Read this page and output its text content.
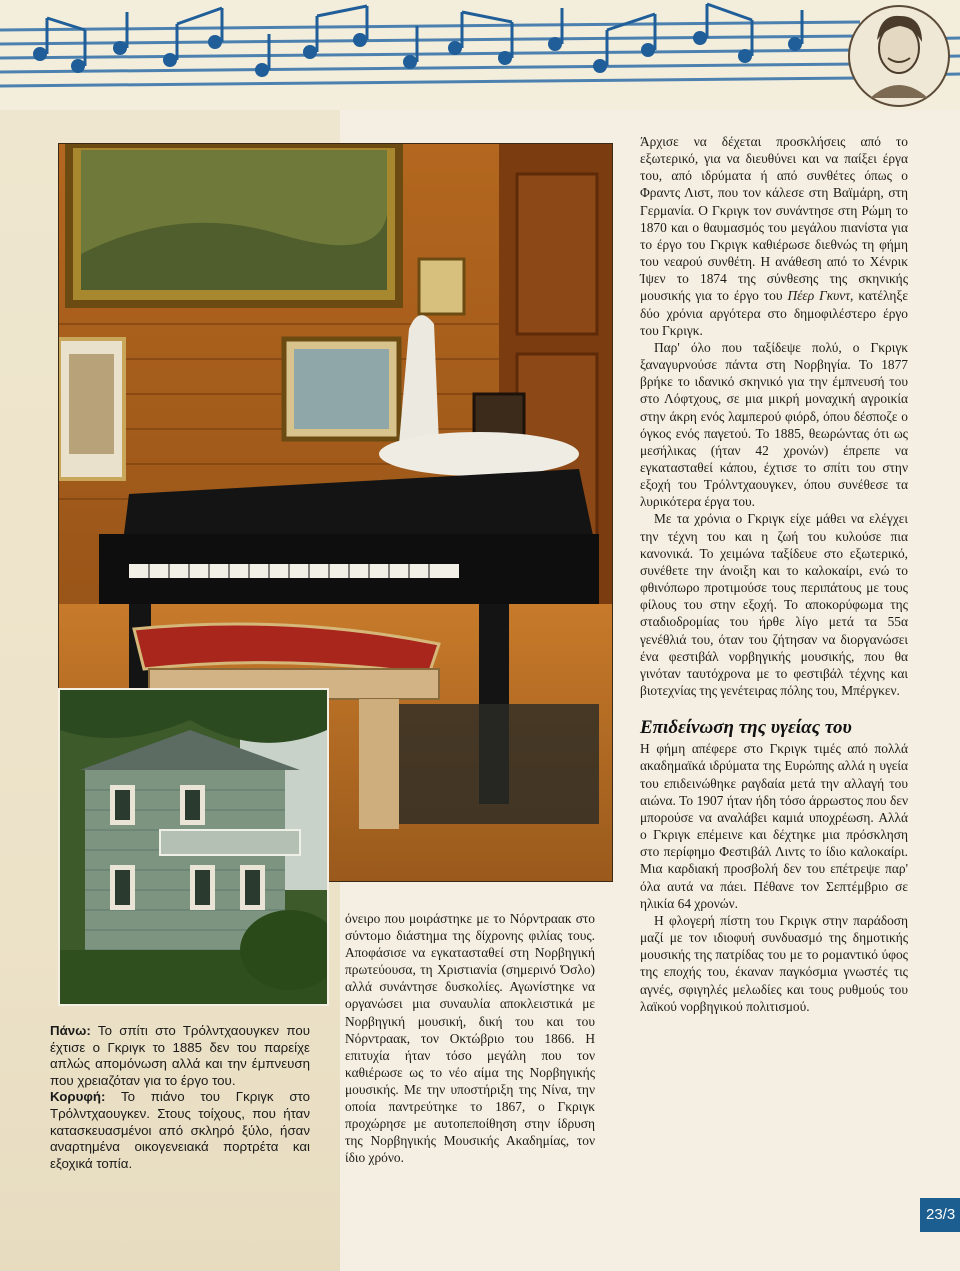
Πάνω: Το σπίτι στο Τρόλντχαουγκεν που έχτισε ο Γκριγκ το 1885 δεν του παρείχε απλώς απομόνωση αλλά και την έμπνευση που χρειαζόταν για το έργο του.
Κορυφή: Το πιάνο του Γκριγκ στο Τρόλντχαουγκεν. Στους τοίχους, που ήταν κατασκευασμένοι από σκληρό ξύλο, ήσαν αναρτημένα οικογενειακά πορτρέτα και εξοχικά τοπία.

όνειρο που μοιράστηκε με το Νόρντρααк στο σύντομο διάστημα της δίχρονης φιλίας τους. Αποφάσισε να εγκατασταθεί στη Νορβηγική πρωτεύουσα, τη Χριστιανία (σημερινό Όσλο) αλλά συνάντησε δυσκολίες. Αγωνίστηκε να οργανώσει μια συναυλία αποκλειστικά με Νορβηγική μουσική, δική του και του Νόρντρααк, τον Οκτώβριο του 1866. Η επιτυχία ήταν τόσο μεγάλη που τον καθιέρωσε ως το νέο αίμα της Νορβηγικής μουσικής. Με την υποστήριξη της Νίνα, την οποία παντρεύτηκε το 1867, ο Γκριγκ προχώρησε με αυτοπεποίθηση στην ίδρυση της Νορβηγικής Μουσικής Ακαδημίας, τον ίδιο χρόνο.

Άρχισε να δέχεται προσκλήσεις από το εξωτερικό, για να διευθύνει και να παίξει έργα του, από ιδρύματα ή από συνθέτες όπως ο Φραντς Λιστ, που τον κάλεσε στη Βαϊμάρη, στη Γερμανία. Ο Γκριγκ τον συνάντησε στη Ρώμη το 1870 και ο θαυμασμός του μεγάλου πιανίστα για το έργο του Γκριγκ καθιέρωσε διεθνώς τη φήμη του νεαρού συνθέτη. Η ανάθεση από το Χένρικ Ίψεν το 1874 της σύνθεσης της σκηνικής μουσικής για το έργο του Πέερ Γκυντ, κατέληξε δύο χρόνια αργότερα στο δημοφιλέστερο έργο του Γκριγκ.

Παρ' όλο που ταξίδεψε πολύ, ο Γκριγκ ξαναγυρνούσε πάντα στη Νορβηγία. Το 1877 βρήκε το ιδανικό σκηνικό για την έμπνευσή του στο Λόφτχους, σε μια μικρή μοναχική αγροικία στην άκρη ενός λαμπερού φιόρδ, όπου δέσποζε ο όγκος ενός παγετού. Το 1885, θεωρώντας ότι ως μεσήλικας (ήταν 42 χρονών) έπρεπε να εγκατασταθεί κάπου, έχτισε το σπίτι του στην εξοχή του Τρόλντχαουγκεν, όπου συνέθεσε τα λυρικότερα έργα του.

Με τα χρόνια ο Γκριγκ είχε μάθει να ελέγχει την τέχνη του και η ζωή του κυλούσε πια κανονικά. Το χειμώνα ταξίδευε στο εξωτερικό, συνέθετε την άνοιξη και το καλοκαίρι, ενώ το φθινόπωρο προτιμούσε τους περιπάτους με τους φίλους του στην εξοχή. Το αποκορύφωμα της σταδιοδρομίας του ήρθε λίγο μετά τα 55α γενέθλιά του, όταν του ζήτησαν να διοργανώσει ένα φεστιβάλ νορβηγικής μουσικής, που θα γινόταν ταυτόχρονα με το φεστιβάλ τέχνης και βιοτεχνίας της γενέτειρας πόλης του, Μπέργκεν.

Επιδείνωση της υγείας του

Η φήμη απέφερε στο Γκριγκ τιμές από πολλά ακαδημαϊκά ιδρύματα της Ευρώπης αλλά η υγεία του επιδεινώθηκε ραγδαία μετά την αλλαγή του αιώνα. Το 1907 ήταν ήδη τόσο άρρωστος που δεν μπορούσε να αναλάβει καμιά υποχρέωση. Αλλά ο Γκριγκ επέμεινε και δέχτηκε μια πρόσκληση στο περίφημο Φεστιβάλ Λιντς το ίδιο καλοκαίρι. Μια καρδιακή προσβολή δεν του επέτρεψε παρ' όλα αυτά να πάει. Πέθανε τον Σεπτέμβριο σε ηλικία 64 χρονών.

Η φλογερή πίστη του Γκριγκ στην παράδοση μαζί με τον ιδιοφυή συνδυασμό της δημοτικής μουσικής της πατρίδας του με το ρομαντικό ύφος της εποχής του, έκαναν παγκόσμια γνωστές τις αγνές, σφιγηλές μελωδίες και τους ρυθμούς του λαϊκού νορβηγικού πολιτισμού.

23/3
